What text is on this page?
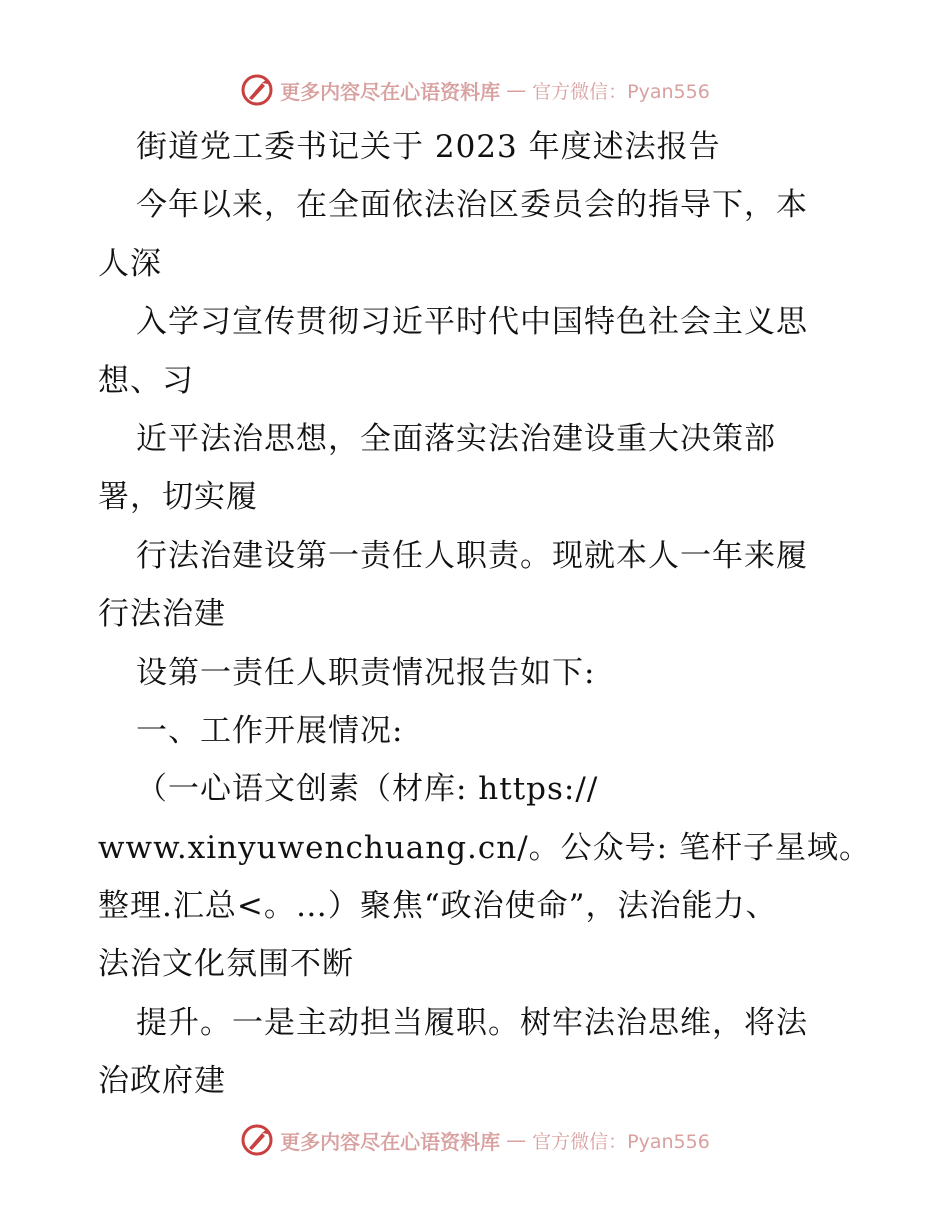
更多内容尽在心语资料库 — 官方微信：Pyan556
街道党工委书记关于 2023 年度述法报告
今年以来，在全面依法治区委员会的指导下，本
人深
入学习宣传贯彻习近平时代中国特色社会主义思
想、习
近平法治思想，全面落实法治建设重大决策部
署，切实履
行法治建设第一责任人职责。现就本人一年来履
行法治建
设第一责任人职责情况报告如下:
一、工作开展情况:
（一心语文创素（材库: https://
www.xinyuwenchuang.cn/。公众号: 笔杆子星域。
整理.汇总<。…）聚焦“政治使命”，法治能力、
法治文化氛围不断
提升。一是主动担当履职。树牢法治思维，将法
治政府建
更多内容尽在心语资料库 — 官方微信：Pyan556
